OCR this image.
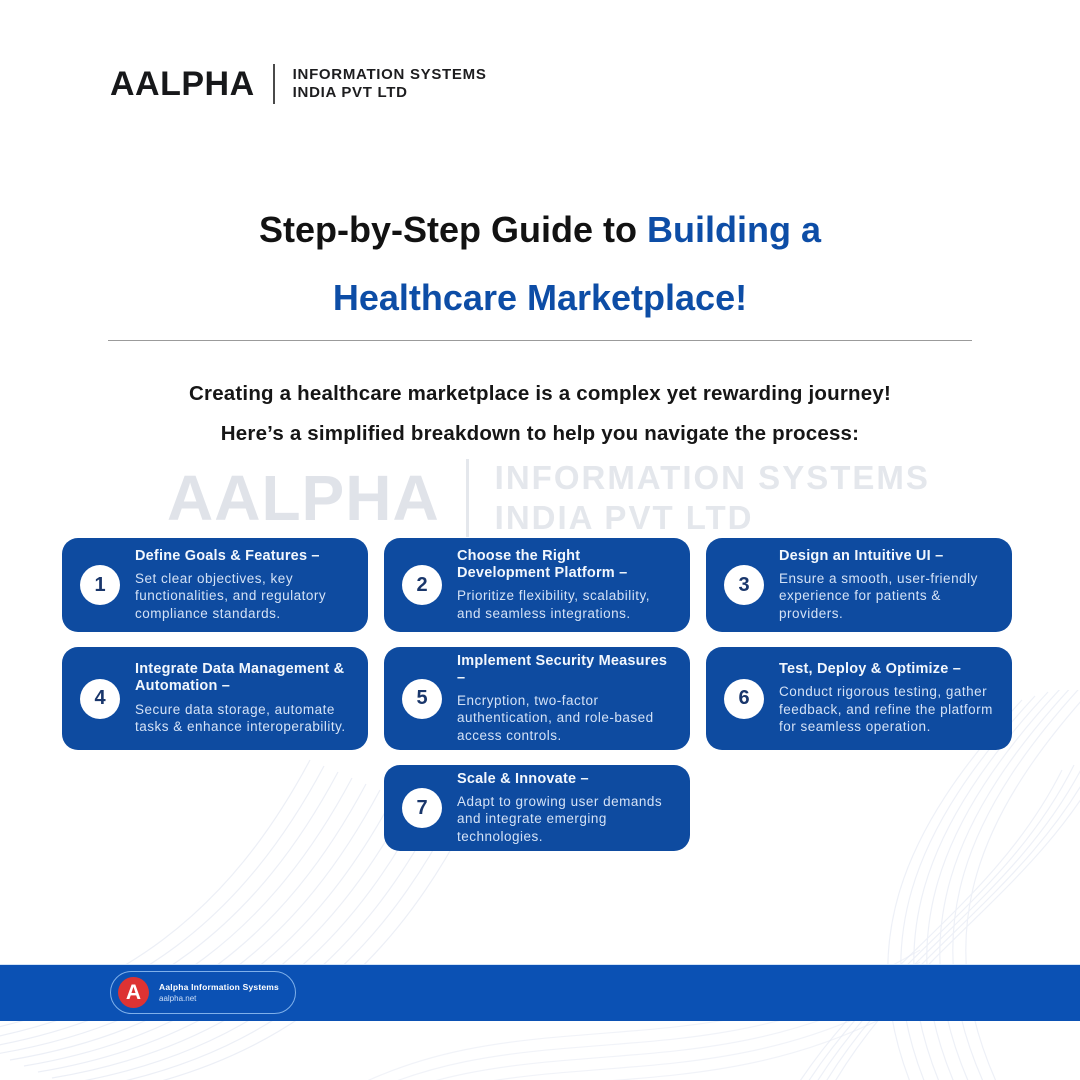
AALPHA	INFORMATION SYSTEMS
INDIA PVT LTD
Step-by-Step Guide to Building a
Healthcare Marketplace!
Creating a healthcare marketplace is a complex yet rewarding journey!
Here’s a simplified breakdown to help you navigate the process:
AALPHA INFORMATION SYSTEMS
INDIA PVT LTD
1
Define Goals & Features –
Set clear objectives, key functionalities, and regulatory compliance standards.
2
Choose the Right Development Platform –
Prioritize flexibility, scalability, and seamless integrations.
3
Design an Intuitive UI –
Ensure a smooth, user-friendly experience for patients & providers.
4
Integrate Data Management & Automation –
Secure data storage, automate tasks & enhance interoperability.
5
Implement Security Measures –
Encryption, two-factor authentication, and role-based access controls.
6
Test, Deploy & Optimize –
Conduct rigorous testing, gather feedback, and refine the platform for seamless operation.
7
Scale & Innovate –
Adapt to growing user demands and integrate emerging technologies.
A	Aalpha Information Systems
aalpha.net
